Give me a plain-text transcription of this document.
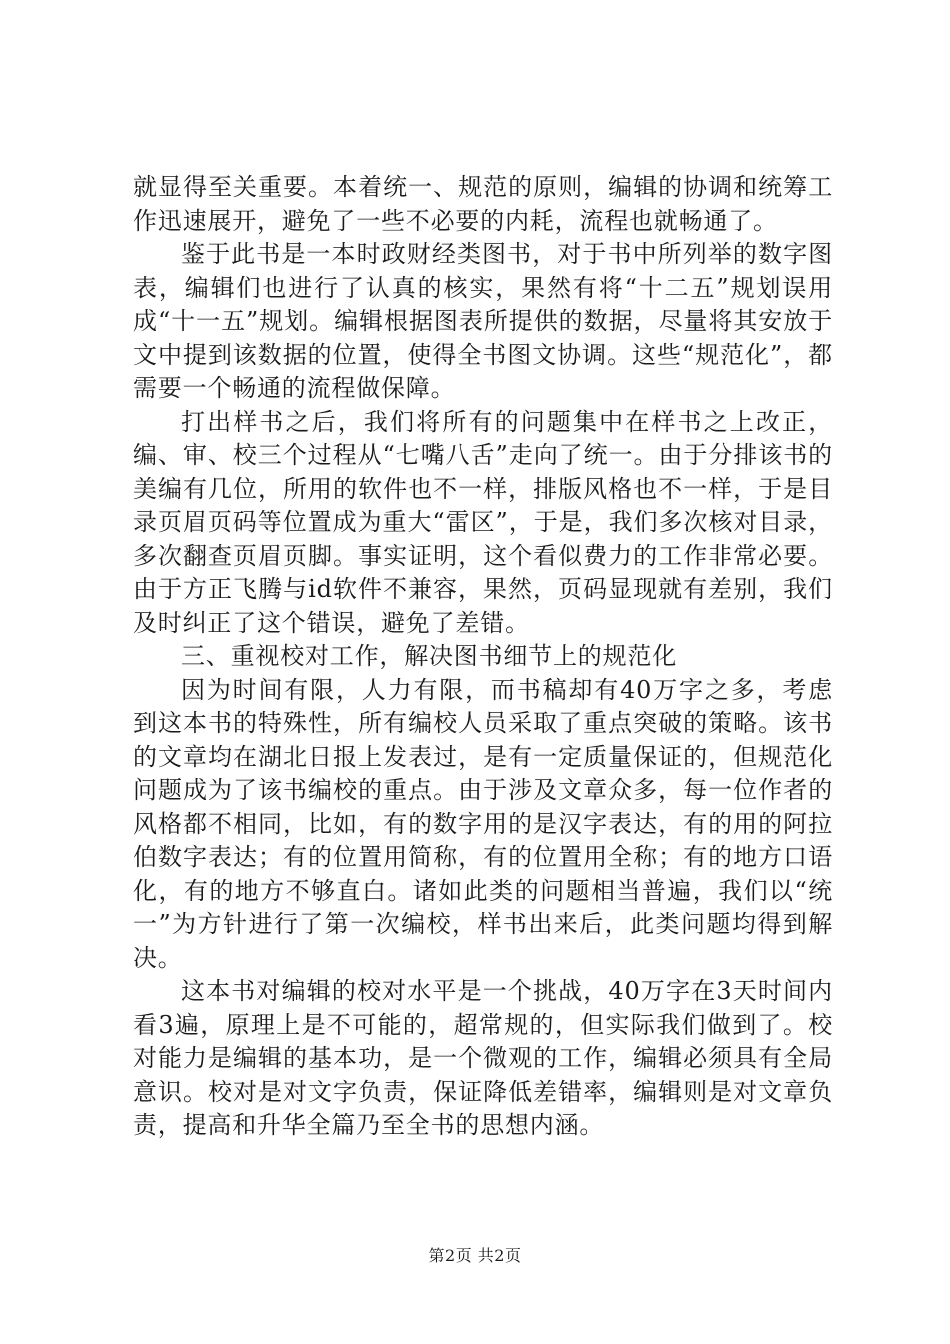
就显得至关重要。本着统一、规范的原则，编辑的协调和统筹工作迅速展开，避免了一些不必要的内耗，流程也就畅通了。

鉴于此书是一本时政财经类图书，对于书中所列举的数字图表，编辑们也进行了认真的核实，果然有将“十二五”规划误用成“十一五”规划。编辑根据图表所提供的数据，尽量将其安放于文中提到该数据的位置，使得全书图文协调。这些“规范化”，都需要一个畅通的流程做保障。

打出样书之后，我们将所有的问题集中在样书之上改正，编、审、校三个过程从“七嘴八舌”走向了统一。由于分排该书的美编有几位，所用的软件也不一样，排版风格也不一样，于是目录页眉页码等位置成为重大“雷区”，于是，我们多次核对目录，多次翻查页眉页脚。事实证明，这个看似费力的工作非常必要。由于方正飞腾与id软件不兼容，果然，页码显现就有差别，我们及时纠正了这个错误，避免了差错。

三、重视校对工作，解决图书细节上的规范化

因为时间有限，人力有限，而书稿却有40万字之多，考虑到这本书的特殊性，所有编校人员采取了重点突破的策略。该书的文章均在湖北日报上发表过，是有一定质量保证的，但规范化问题成为了该书编校的重点。由于涉及文章众多，每一位作者的风格都不相同，比如，有的数字用的是汉字表达，有的用的阿拉伯数字表达；有的位置用简称，有的位置用全称；有的地方口语化，有的地方不够直白。诸如此类的问题相当普遍，我们以“统一”为方针进行了第一次编校，样书出来后，此类问题均得到解决。

这本书对编辑的校对水平是一个挑战，40万字在3天时间内看3遍，原理上是不可能的，超常规的，但实际我们做到了。校对能力是编辑的基本功，是一个微观的工作，编辑必须具有全局意识。校对是对文字负责，保证降低差错率，编辑则是对文章负责，提高和升华全篇乃至全书的思想内涵。

第2页 共2页
